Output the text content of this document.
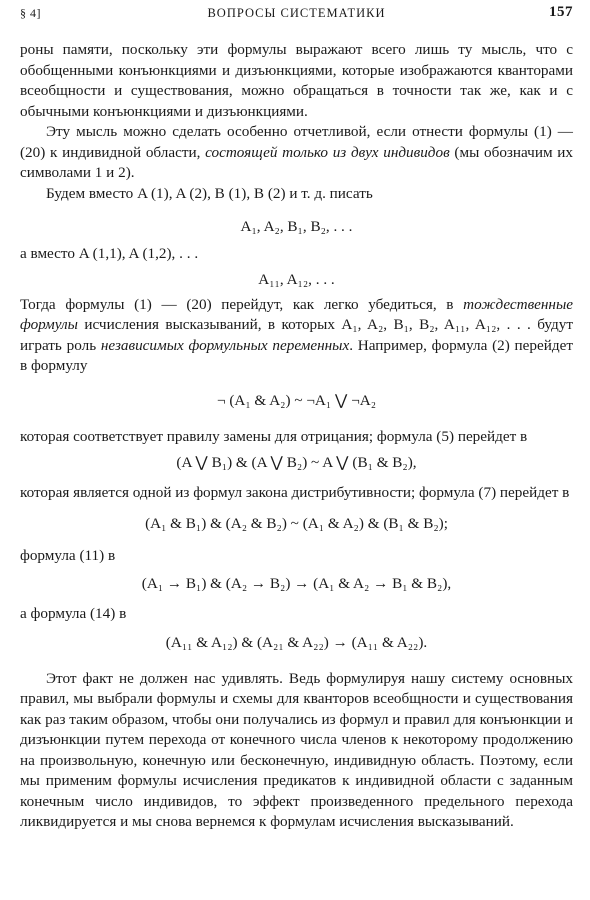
§ 4]	ВОПРОСЫ СИСТЕМАТИКИ	157

роны памяти, поскольку эти формулы выражают всего лишь ту мысль, что с обобщенными конъюнкциями и дизъюнкциями, которые изображаются кванторами всеобщности и существования, можно обращаться в точности так же, как и с обычными конъюнкциями и дизъюнкциями.

Эту мысль можно сделать особенно отчетливой, если отнести формулы (1) — (20) к индивидной области, состоящей только из двух индивидов (мы обозначим их символами 1 и 2).

Будем вместо A (1), A (2), B (1), B (2) и т. д. писать

A₁, A₂, B₁, B₂, . . .

а вместо A (1,1), A (1,2), . . .

A₁₁, A₁₂, . . .

Тогда формулы (1) — (20) перейдут, как легко убедиться, в тождественные формулы исчисления высказываний, в которых A₁, A₂, B₁, B₂, A₁₁, A₁₂, . . . будут играть роль независимых формульных переменных. Например, формула (2) перейдет в формулу

¬ (A₁ & A₂) ~ ¬A₁ ⋁ ¬A₂

которая соответствует правилу замены для отрицания; формула (5) перейдет в

(A ⋁ B₁) & (A ⋁ B₂) ~ A ⋁ (B₁ & B₂),

которая является одной из формул закона дистрибутивности; формула (7) перейдет в

(A₁ & B₁) & (A₂ & B₂) ~ (A₁ & A₂) & (B₁ & B₂);

формула (11) в

(A₁ → B₁) & (A₂ → B₂) → (A₁ & A₂ → B₁ & B₂),

а формула (14) в

(A₁₁ & A₁₂) & (A₂₁ & A₂₂) → (A₁₁ & A₂₂).

Этот факт не должен нас удивлять. Ведь формулируя нашу систему основных правил, мы выбрали формулы и схемы для кванторов всеобщности и существования как раз таким образом, чтобы они получались из формул и правил для конъюнкции и дизъюнкции путем перехода от конечного числа членов к некоторому продолжению на произвольную, конечную или бесконечную, индивидную область. Поэтому, если мы применим формулы исчисления предикатов к индивидной области с заданным конечным число индивидов, то эффект произведенного предельного перехода ликвидируется и мы снова вернемся к формулам исчисления высказываний.
